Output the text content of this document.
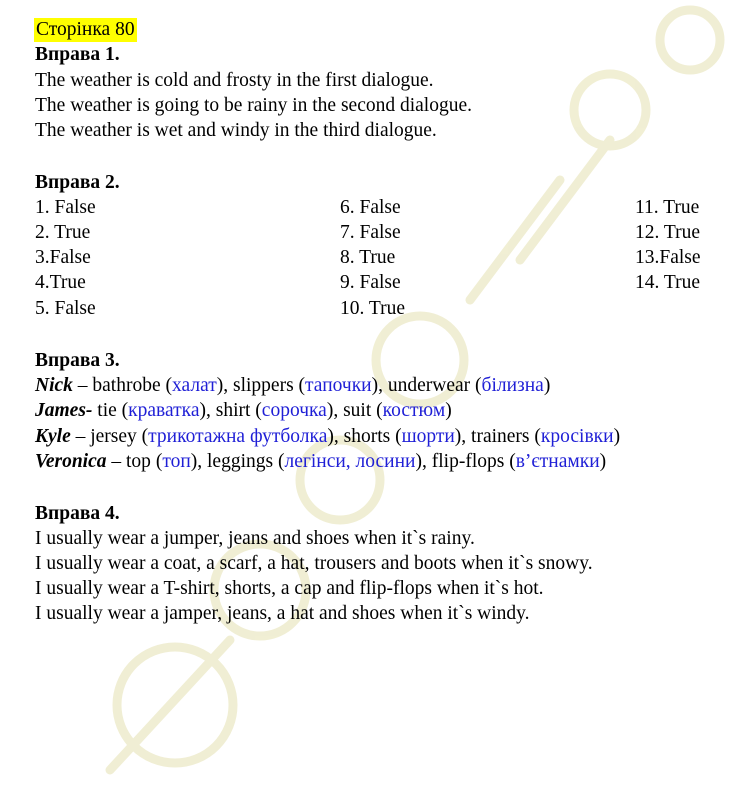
Сторінка 80
Вправа 1.
The weather is cold and frosty in the first dialogue.
The weather is going to be rainy in the second dialogue.
The weather is wet and windy in the third dialogue.
Вправа 2.
1. False
2. True
3.False
4.True
5. False
6. False
7. False
8. True
9. False
10. True
11. True
12. True
13.False
14. True
Вправа 3.
Nick – bathrobe (халат), slippers (тапочки), underwear (білизна)
James- tie (краватка), shirt (сорочка), suit (костюм)
Kyle – jersey (трикотажна футболка), shorts (шорти), trainers (кросівки)
Veronica – top (топ), leggings (легінси, лосини), flip-flops (в’єтнамки)
Вправа 4.
I usually wear a jumper, jeans and shoes when it`s rainy.
I usually wear a coat, a scarf, a hat, trousers and boots when it`s snowy.
I usually wear a T-shirt, shorts, a cap and flip-flops when it`s hot.
I usually wear a jamper, jeans, a hat and shoes when it`s windy.
